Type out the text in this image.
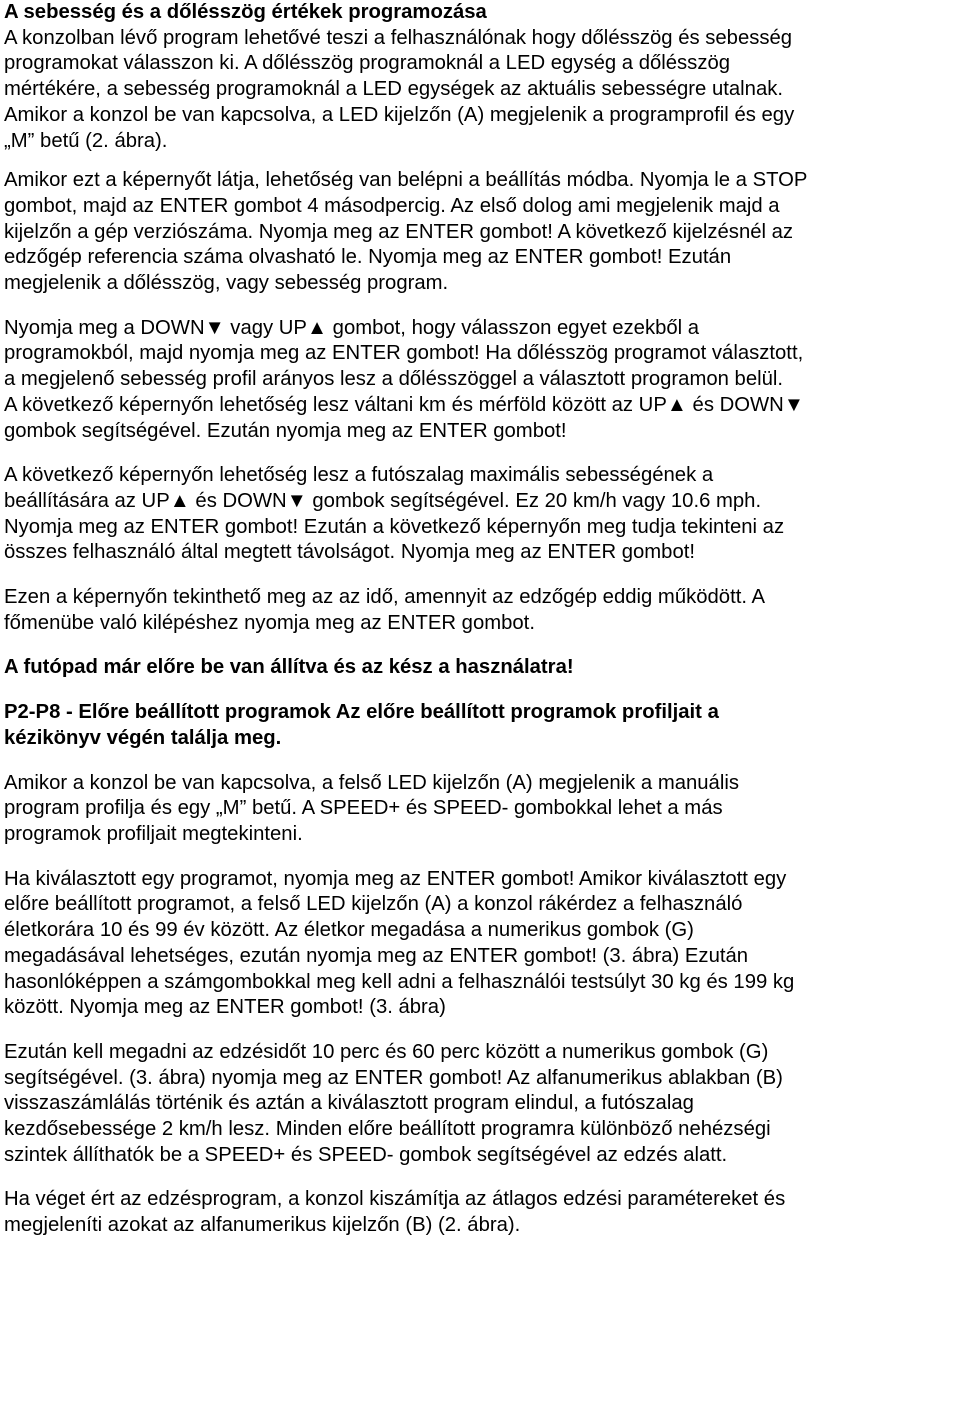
A sebesség és a dőlésszög értékek programozása

A konzolban lévő program lehetővé teszi a felhasználónak hogy dőlésszög és sebesség
programokat válasszon ki. A dőlésszög programoknál a LED egység a dőlésszög
mértékére, a sebesség programoknál a LED egységek az aktuális sebességre utalnak.
Amikor a konzol be van kapcsolva, a LED kijelzőn (A) megjelenik a programprofil és egy
„M” betű (2. ábra).

Amikor ezt a képernyőt látja, lehetőség van belépni a beállítás módba. Nyomja le a STOP
gombot, majd az ENTER gombot 4 másodpercig. Az első dolog ami megjelenik majd a
kijelzőn a gép verziószáma. Nyomja meg az ENTER gombot! A következő kijelzésnél az
edzőgép referencia száma olvasható le. Nyomja meg az ENTER gombot! Ezután
megjelenik a dőlésszög, vagy sebesség program.

Nyomja meg a DOWN▼ vagy UP▲ gombot, hogy válasszon egyet ezekből a
programokból, majd nyomja meg az ENTER gombot! Ha dőlésszög programot választott,
a megjelenő sebesség profil arányos lesz a dőlésszöggel a választott programon belül.
A következő képernyőn lehetőség lesz váltani km és mérföld között az UP▲ és DOWN▼
gombok segítségével. Ezután nyomja meg az ENTER gombot!

A következő képernyőn lehetőség lesz a futószalag maximális sebességének a
beállítására az UP▲ és DOWN▼ gombok segítségével. Ez 20 km/h vagy 10.6 mph.
Nyomja meg az ENTER gombot! Ezután a következő képernyőn meg tudja tekinteni az
összes felhasználó által megtett távolságot. Nyomja meg az ENTER gombot!

Ezen a képernyőn tekinthető meg az az idő, amennyit az edzőgép eddig működött. A
főmenübe való kilépéshez nyomja meg az ENTER gombot.

A futópad már előre be van állítva és az kész a használatra!

P2-P8 - Előre beállított programok Az előre beállított programok profiljait a
kézikönyv végén találja meg.

Amikor a konzol be van kapcsolva, a felső LED kijelzőn (A) megjelenik a manuális
program profilja és egy „M” betű. A SPEED+ és SPEED- gombokkal lehet a más
programok profiljait megtekinteni.

Ha kiválasztott egy programot, nyomja meg az ENTER gombot! Amikor kiválasztott egy
előre beállított programot, a felső LED kijelzőn (A) a konzol rákérdez a felhasználó
életkorára 10 és 99 év között. Az életkor megadása a numerikus gombok (G)
megadásával lehetséges, ezután nyomja meg az ENTER gombot! (3. ábra) Ezután
hasonlóképpen a számgombokkal meg kell adni a felhasználói testsúlyt 30 kg és 199 kg
között. Nyomja meg az ENTER gombot! (3. ábra)

Ezután kell megadni az edzésidőt 10 perc és 60 perc között a numerikus gombok (G)
segítségével. (3. ábra) nyomja meg az ENTER gombot! Az alfanumerikus ablakban (B)
visszaszámlálás történik és aztán a kiválasztott program elindul, a futószalag
kezdősebessége 2 km/h lesz. Minden előre beállított programra különböző nehézségi
szintek állíthatók be a SPEED+ és SPEED- gombok segítségével az edzés alatt.

Ha véget ért az edzésprogram, a konzol kiszámítja az átlagos edzési paramétereket és
megjeleníti azokat az alfanumerikus kijelzőn (B) (2. ábra).
